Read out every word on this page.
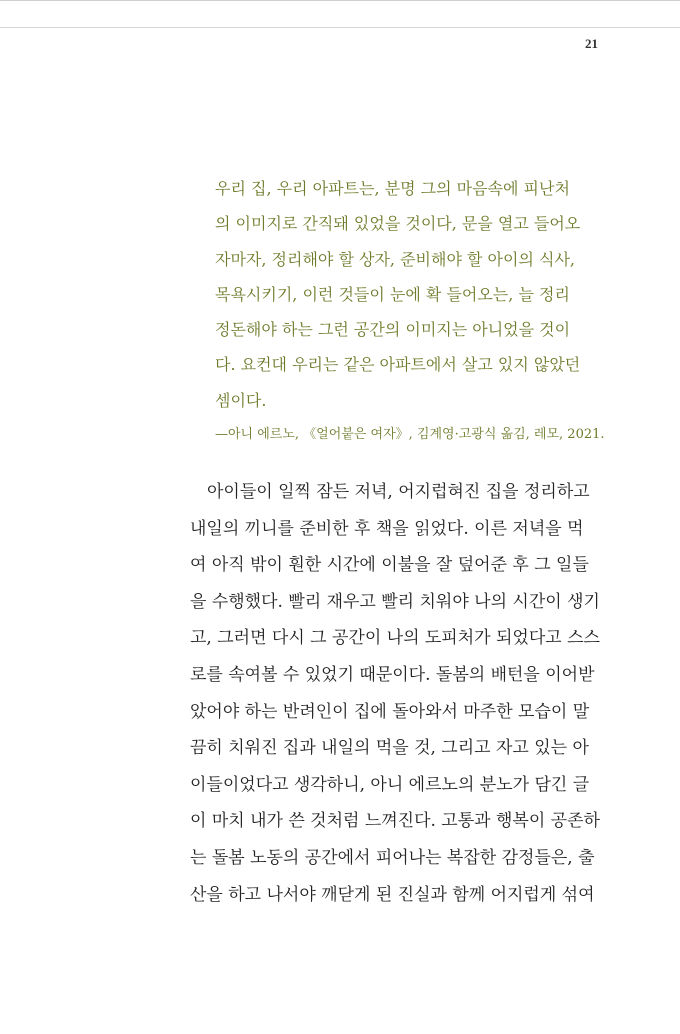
21
우리 집, 우리 아파트는, 분명 그의 마음속에 피난처
의 이미지로 간직돼 있었을 것이다, 문을 열고 들어오
자마자, 정리해야 할 상자, 준비해야 할 아이의 식사,
목욕시키기, 이런 것들이 눈에 확 들어오는, 늘 정리
정돈해야 하는 그런 공간의 이미지는 아니었을 것이
다. 요컨대 우리는 같은 아파트에서 살고 있지 않았던
셈이다.
—아니 에르노, 《얼어붙은 여자》, 김계영·고광식 옮김, 레모, 2021.
아이들이 일찍 잠든 저녁, 어지럽혀진 집을 정리하고
내일의 끼니를 준비한 후 책을 읽었다. 이른 저녁을 먹
여 아직 밖이 훤한 시간에 이불을 잘 덮어준 후 그 일들
을 수행했다. 빨리 재우고 빨리 치워야 나의 시간이 생기
고, 그러면 다시 그 공간이 나의 도피처가 되었다고 스스
로를 속여볼 수 있었기 때문이다. 돌봄의 배턴을 이어받
았어야 하는 반려인이 집에 돌아와서 마주한 모습이 말
끔히 치워진 집과 내일의 먹을 것, 그리고 자고 있는 아
이들이었다고 생각하니, 아니 에르노의 분노가 담긴 글
이 마치 내가 쓴 것처럼 느껴진다. 고통과 행복이 공존하
는 돌봄 노동의 공간에서 피어나는 복잡한 감정들은, 출
산을 하고 나서야 깨닫게 된 진실과 함께 어지럽게 섞여
